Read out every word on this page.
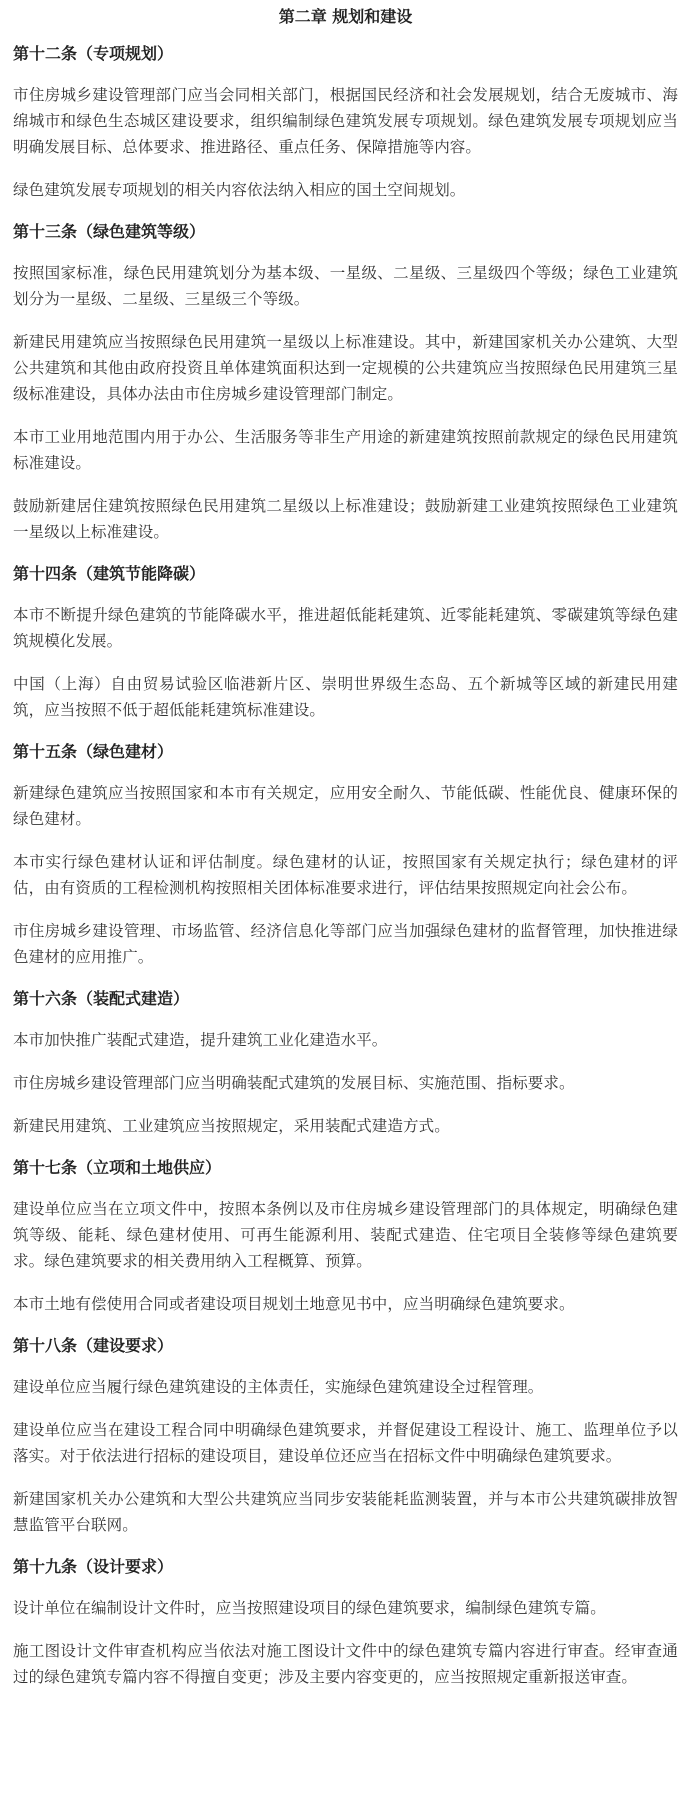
第二章 规划和建设
第十二条（专项规划）
市住房城乡建设管理部门应当会同相关部门，根据国民经济和社会发展规划，结合无废城市、海绵城市和绿色生态城区建设要求，组织编制绿色建筑发展专项规划。绿色建筑发展专项规划应当明确发展目标、总体要求、推进路径、重点任务、保障措施等内容。
绿色建筑发展专项规划的相关内容依法纳入相应的国土空间规划。
第十三条（绿色建筑等级）
按照国家标准，绿色民用建筑划分为基本级、一星级、二星级、三星级四个等级；绿色工业建筑划分为一星级、二星级、三星级三个等级。
新建民用建筑应当按照绿色民用建筑一星级以上标准建设。其中，新建国家机关办公建筑、大型公共建筑和其他由政府投资且单体建筑面积达到一定规模的公共建筑应当按照绿色民用建筑三星级标准建设，具体办法由市住房城乡建设管理部门制定。
本市工业用地范围内用于办公、生活服务等非生产用途的新建建筑按照前款规定的绿色民用建筑标准建设。
鼓励新建居住建筑按照绿色民用建筑二星级以上标准建设；鼓励新建工业建筑按照绿色工业建筑一星级以上标准建设。
第十四条（建筑节能降碳）
本市不断提升绿色建筑的节能降碳水平，推进超低能耗建筑、近零能耗建筑、零碳建筑等绿色建筑规模化发展。
中国（上海）自由贸易试验区临港新片区、崇明世界级生态岛、五个新城等区域的新建民用建筑，应当按照不低于超低能耗建筑标准建设。
第十五条（绿色建材）
新建绿色建筑应当按照国家和本市有关规定，应用安全耐久、节能低碳、性能优良、健康环保的绿色建材。
本市实行绿色建材认证和评估制度。绿色建材的认证，按照国家有关规定执行；绿色建材的评估，由有资质的工程检测机构按照相关团体标准要求进行，评估结果按照规定向社会公布。
市住房城乡建设管理、市场监管、经济信息化等部门应当加强绿色建材的监督管理，加快推进绿色建材的应用推广。
第十六条（装配式建造）
本市加快推广装配式建造，提升建筑工业化建造水平。
市住房城乡建设管理部门应当明确装配式建筑的发展目标、实施范围、指标要求。
新建民用建筑、工业建筑应当按照规定，采用装配式建造方式。
第十七条（立项和土地供应）
建设单位应当在立项文件中，按照本条例以及市住房城乡建设管理部门的具体规定，明确绿色建筑等级、能耗、绿色建材使用、可再生能源利用、装配式建造、住宅项目全装修等绿色建筑要求。绿色建筑要求的相关费用纳入工程概算、预算。
本市土地有偿使用合同或者建设项目规划土地意见书中，应当明确绿色建筑要求。
第十八条（建设要求）
建设单位应当履行绿色建筑建设的主体责任，实施绿色建筑建设全过程管理。
建设单位应当在建设工程合同中明确绿色建筑要求，并督促建设工程设计、施工、监理单位予以落实。对于依法进行招标的建设项目，建设单位还应当在招标文件中明确绿色建筑要求。
新建国家机关办公建筑和大型公共建筑应当同步安装能耗监测装置，并与本市公共建筑碳排放智慧监管平台联网。
第十九条（设计要求）
设计单位在编制设计文件时，应当按照建设项目的绿色建筑要求，编制绿色建筑专篇。
施工图设计文件审查机构应当依法对施工图设计文件中的绿色建筑专篇内容进行审查。经审查通过的绿色建筑专篇内容不得擅自变更；涉及主要内容变更的，应当按照规定重新报送审查。
